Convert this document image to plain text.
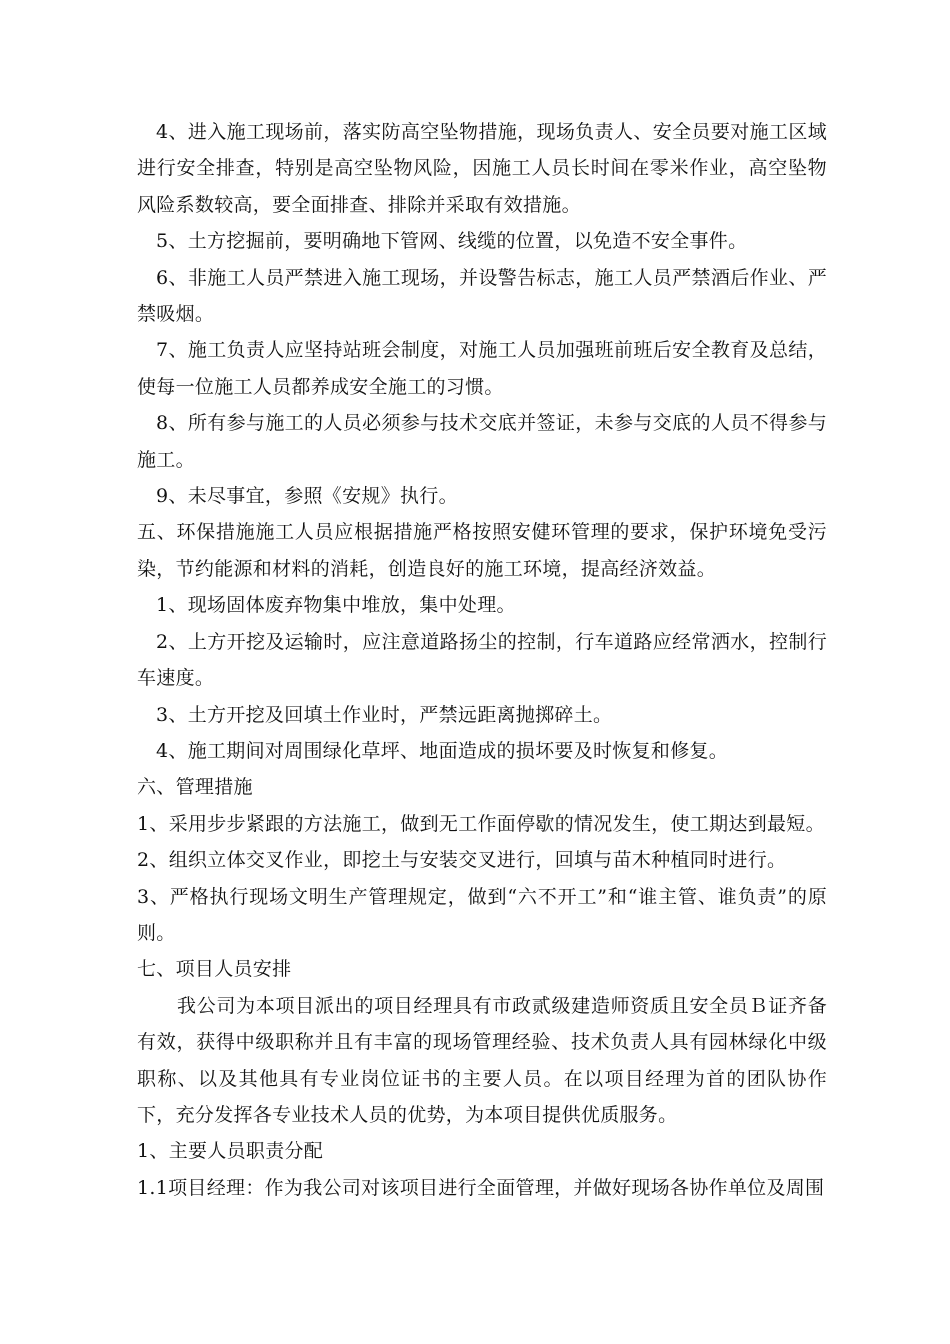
4、进入施工现场前，落实防高空坠物措施，现场负责人、安全员要对施工区域进行安全排查，特别是高空坠物风险，因施工人员长时间在零米作业，高空坠物风险系数较高，要全面排查、排除并采取有效措施。

5、土方挖掘前，要明确地下管网、线缆的位置，以免造不安全事件。

6、非施工人员严禁进入施工现场，并设警告标志，施工人员严禁酒后作业、严禁吸烟。

7、施工负责人应坚持站班会制度，对施工人员加强班前班后安全教育及总结，使每一位施工人员都养成安全施工的习惯。

8、所有参与施工的人员必须参与技术交底并签证，未参与交底的人员不得参与施工。

9、未尽事宜，参照《安规》执行。

五、环保措施施工人员应根据措施严格按照安健环管理的要求，保护环境免受污染，节约能源和材料的消耗，创造良好的施工环境，提高经济效益。

1、现场固体废弃物集中堆放，集中处理。

2、上方开挖及运输时，应注意道路扬尘的控制，行车道路应经常洒水，控制行车速度。

3、土方开挖及回填土作业时，严禁远距离抛掷碎土。

4、施工期间对周围绿化草坪、地面造成的损坏要及时恢复和修复。

六、管理措施

1、采用步步紧跟的方法施工，做到无工作面停歇的情况发生，使工期达到最短。

2、组织立体交叉作业，即挖土与安装交叉进行，回填与苗木种植同时进行。

3、严格执行现场文明生产管理规定，做到“六不开工”和“谁主管、谁负责”的原则。

七、项目人员安排

我公司为本项目派出的项目经理具有市政贰级建造师资质且安全员Ｂ证齐备有效，获得中级职称并且有丰富的现场管理经验、技术负责人具有园林绿化中级职称、以及其他具有专业岗位证书的主要人员。在以项目经理为首的团队协作下，充分发挥各专业技术人员的优势，为本项目提供优质服务。

1、主要人员职责分配

1.1项目经理：作为我公司对该项目进行全面管理，并做好现场各协作单位及周围
